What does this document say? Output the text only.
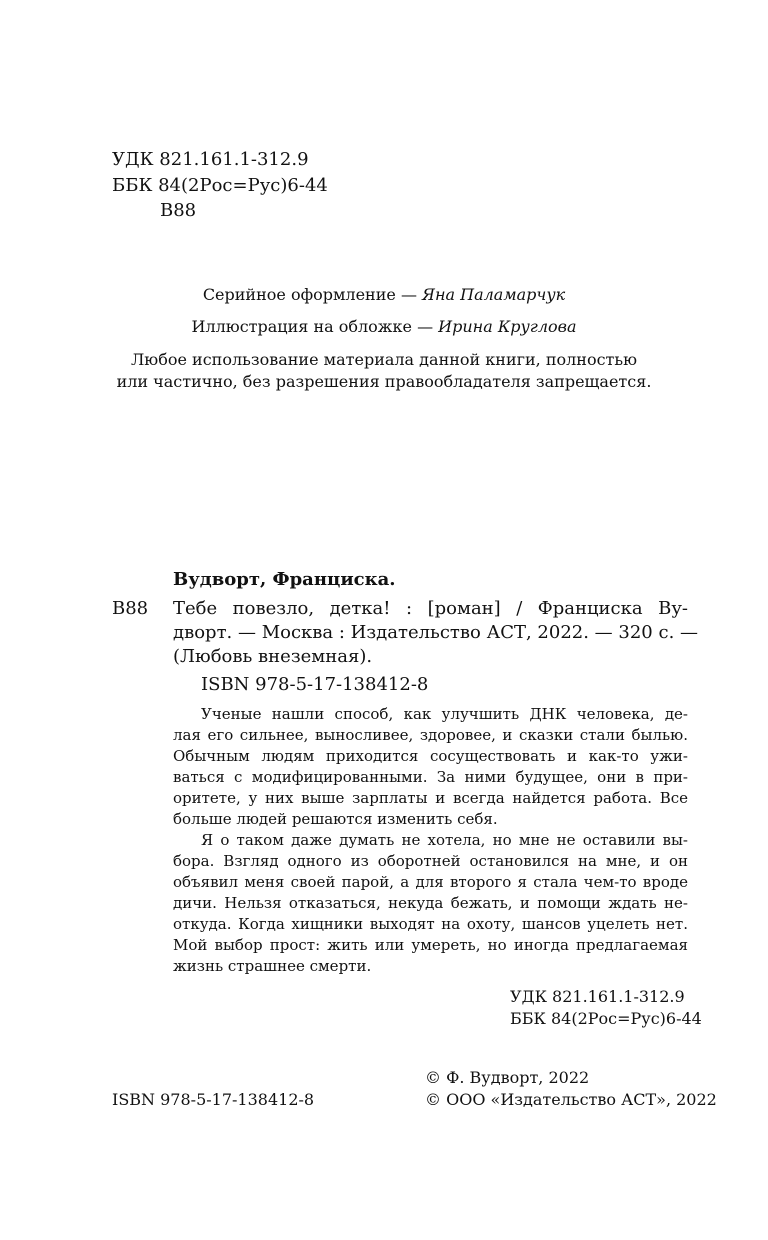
УДК 821.161.1-312.9
ББК 84(2Рос=Рус)6-44
В88
Серийное оформление — Яна Паламарчук
Иллюстрация на обложке — Ирина Круглова
Любое использование материала данной книги, полностью
или частично, без разрешения правообладателя запрещается.
Вудворт, Франциска.
В88 Тебе повезло, детка! : [роман] / Франциска Ву-
дворт. — Москва : Издательство АСТ, 2022. — 320 с. —
(Любовь внеземная).
ISBN 978-5-17-138412-8
Ученые нашли способ, как улучшить ДНК человека, де-
лая его сильнее, выносливее, здоровее, и сказки стали былью.
Обычным людям приходится сосуществовать и как-то ужи-
ваться с модифицированными. За ними будущее, они в при-
оритете, у них выше зарплаты и всегда найдется работа. Все
больше людей решаются изменить себя.
Я о таком даже думать не хотела, но мне не оставили вы-
бора. Взгляд одного из оборотней остановился на мне, и он
объявил меня своей парой, а для второго я стала чем-то вроде
дичи. Нельзя отказаться, некуда бежать, и помощи ждать не-
откуда. Когда хищники выходят на охоту, шансов уцелеть нет.
Мой выбор прост: жить или умереть, но иногда предлагаемая
жизнь страшнее смерти.
УДК 821.161.1-312.9
ББК 84(2Рос=Рус)6-44
© Ф. Вудворт, 2022
ISBN 978-5-17-138412-8	© ООО «Издательство АСТ», 2022
